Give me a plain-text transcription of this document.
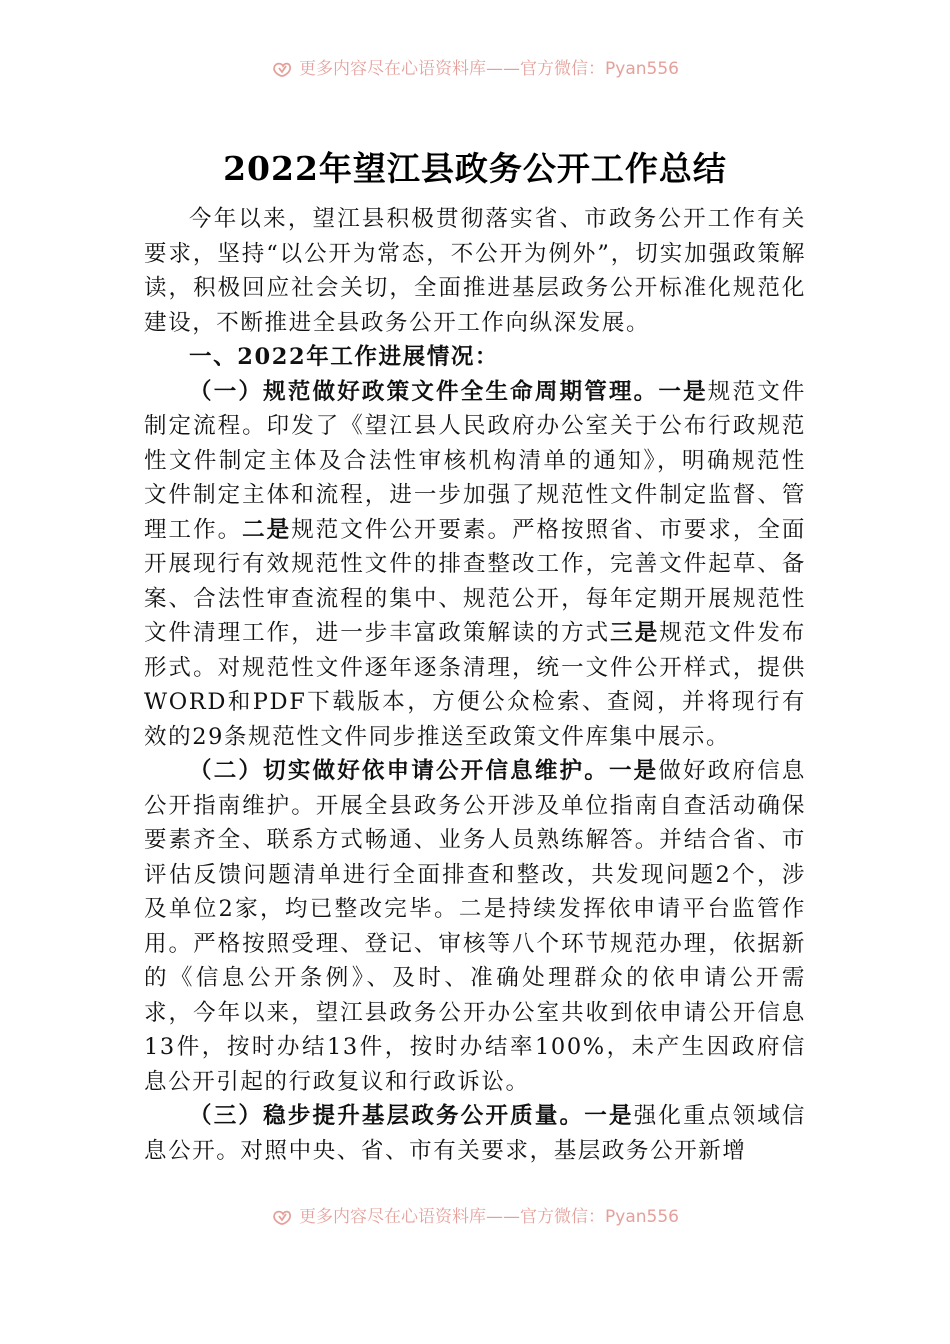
更多内容尽在心语资料库——官方微信：Pyan556
2022年望江县政务公开工作总结

今年以来，望江县积极贯彻落实省、市政务公开工作有关要求，坚持“以公开为常态，不公开为例外”，切实加强政策解读，积极回应社会关切，全面推进基层政务公开标准化规范化建设，不断推进全县政务公开工作向纵深发展。

一、2022年工作进展情况：

（一）规范做好政策文件全生命周期管理。一是规范文件制定流程。印发了《望江县人民政府办公室关于公布行政规范性文件制定主体及合法性审核机构清单的通知》，明确规范性文件制定主体和流程，进一步加强了规范性文件制定监督、管理工作。二是规范文件公开要素。严格按照省、市要求，全面开展现行有效规范性文件的排查整改工作，完善文件起草、备案、合法性审查流程的集中、规范公开，每年定期开展规范性文件清理工作，进一步丰富政策解读的方式三是规范文件发布形式。对规范性文件逐年逐条清理，统一文件公开样式，提供WORD和PDF下载版本，方便公众检索、查阅，并将现行有效的29条规范性文件同步推送至政策文件库集中展示。

（二）切实做好依申请公开信息维护。一是做好政府信息公开指南维护。开展全县政务公开涉及单位指南自查活动确保要素齐全、联系方式畅通、业务人员熟练解答。并结合省、市评估反馈问题清单进行全面排查和整改，共发现问题2个，涉及单位2家，均已整改完毕。二是持续发挥依申请平台监管作用。严格按照受理、登记、审核等八个环节规范办理，依据新的《信息公开条例》、及时、准确处理群众的依申请公开需求，今年以来，望江县政务公开办公室共收到依申请公开信息13件，按时办结13件，按时办结率100%，未产生因政府信息公开引起的行政复议和行政诉讼。

（三）稳步提升基层政务公开质量。一是强化重点领域信息公开。对照中央、省、市有关要求，基层政务公开新增

更多内容尽在心语资料库——官方微信：Pyan556
